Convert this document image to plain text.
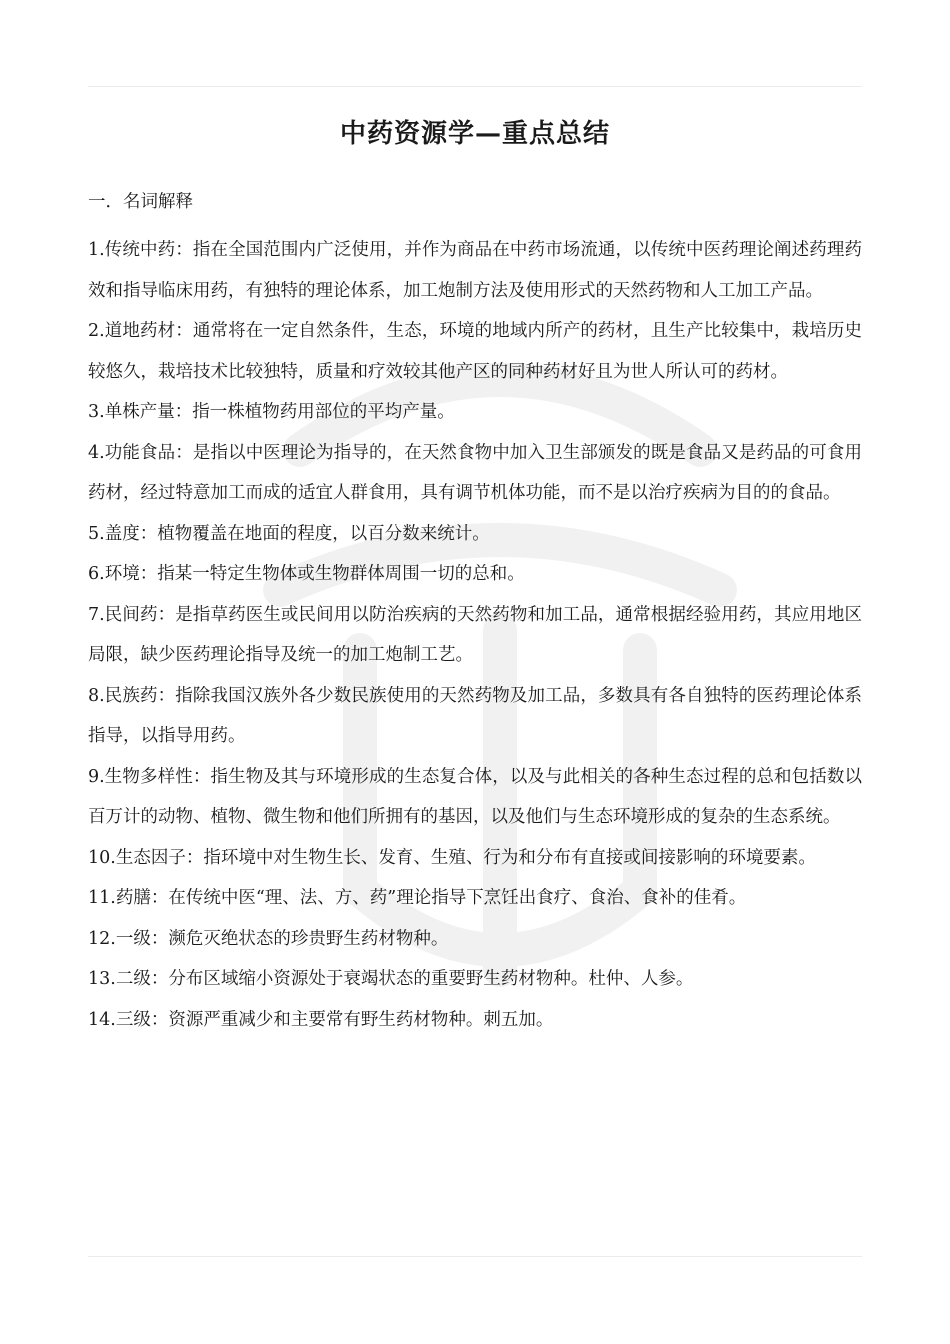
中药资源学—重点总结
一．名词解释
1.传统中药：指在全国范围内广泛使用，并作为商品在中药市场流通，以传统中医药理论阐述药理药效和指导临床用药，有独特的理论体系，加工炮制方法及使用形式的天然药物和人工加工产品。
2.道地药材：通常将在一定自然条件，生态，环境的地域内所产的药材，且生产比较集中，栽培历史较悠久，栽培技术比较独特，质量和疗效较其他产区的同种药材好且为世人所认可的药材。
3.单株产量：指一株植物药用部位的平均产量。
4.功能食品：是指以中医理论为指导的，在天然食物中加入卫生部颁发的既是食品又是药品的可食用药材，经过特意加工而成的适宜人群食用，具有调节机体功能，而不是以治疗疾病为目的的食品。
5.盖度：植物覆盖在地面的程度，以百分数来统计。
6.环境：指某一特定生物体或生物群体周围一切的总和。
7.民间药：是指草药医生或民间用以防治疾病的天然药物和加工品，通常根据经验用药，其应用地区局限，缺少医药理论指导及统一的加工炮制工艺。
8.民族药：指除我国汉族外各少数民族使用的天然药物及加工品，多数具有各自独特的医药理论体系指导，以指导用药。
9.生物多样性：指生物及其与环境形成的生态复合体，以及与此相关的各种生态过程的总和包括数以百万计的动物、植物、微生物和他们所拥有的基因，以及他们与生态环境形成的复杂的生态系统。
10.生态因子：指环境中对生物生长、发育、生殖、行为和分布有直接或间接影响的环境要素。
11.药膳：在传统中医“理、法、方、药”理论指导下烹饪出食疗、食治、食补的佳肴。
12.一级：濒危灭绝状态的珍贵野生药材物种。
13.二级：分布区域缩小资源处于衰竭状态的重要野生药材物种。杜仲、人参。
14.三级：资源严重减少和主要常有野生药材物种。刺五加。
